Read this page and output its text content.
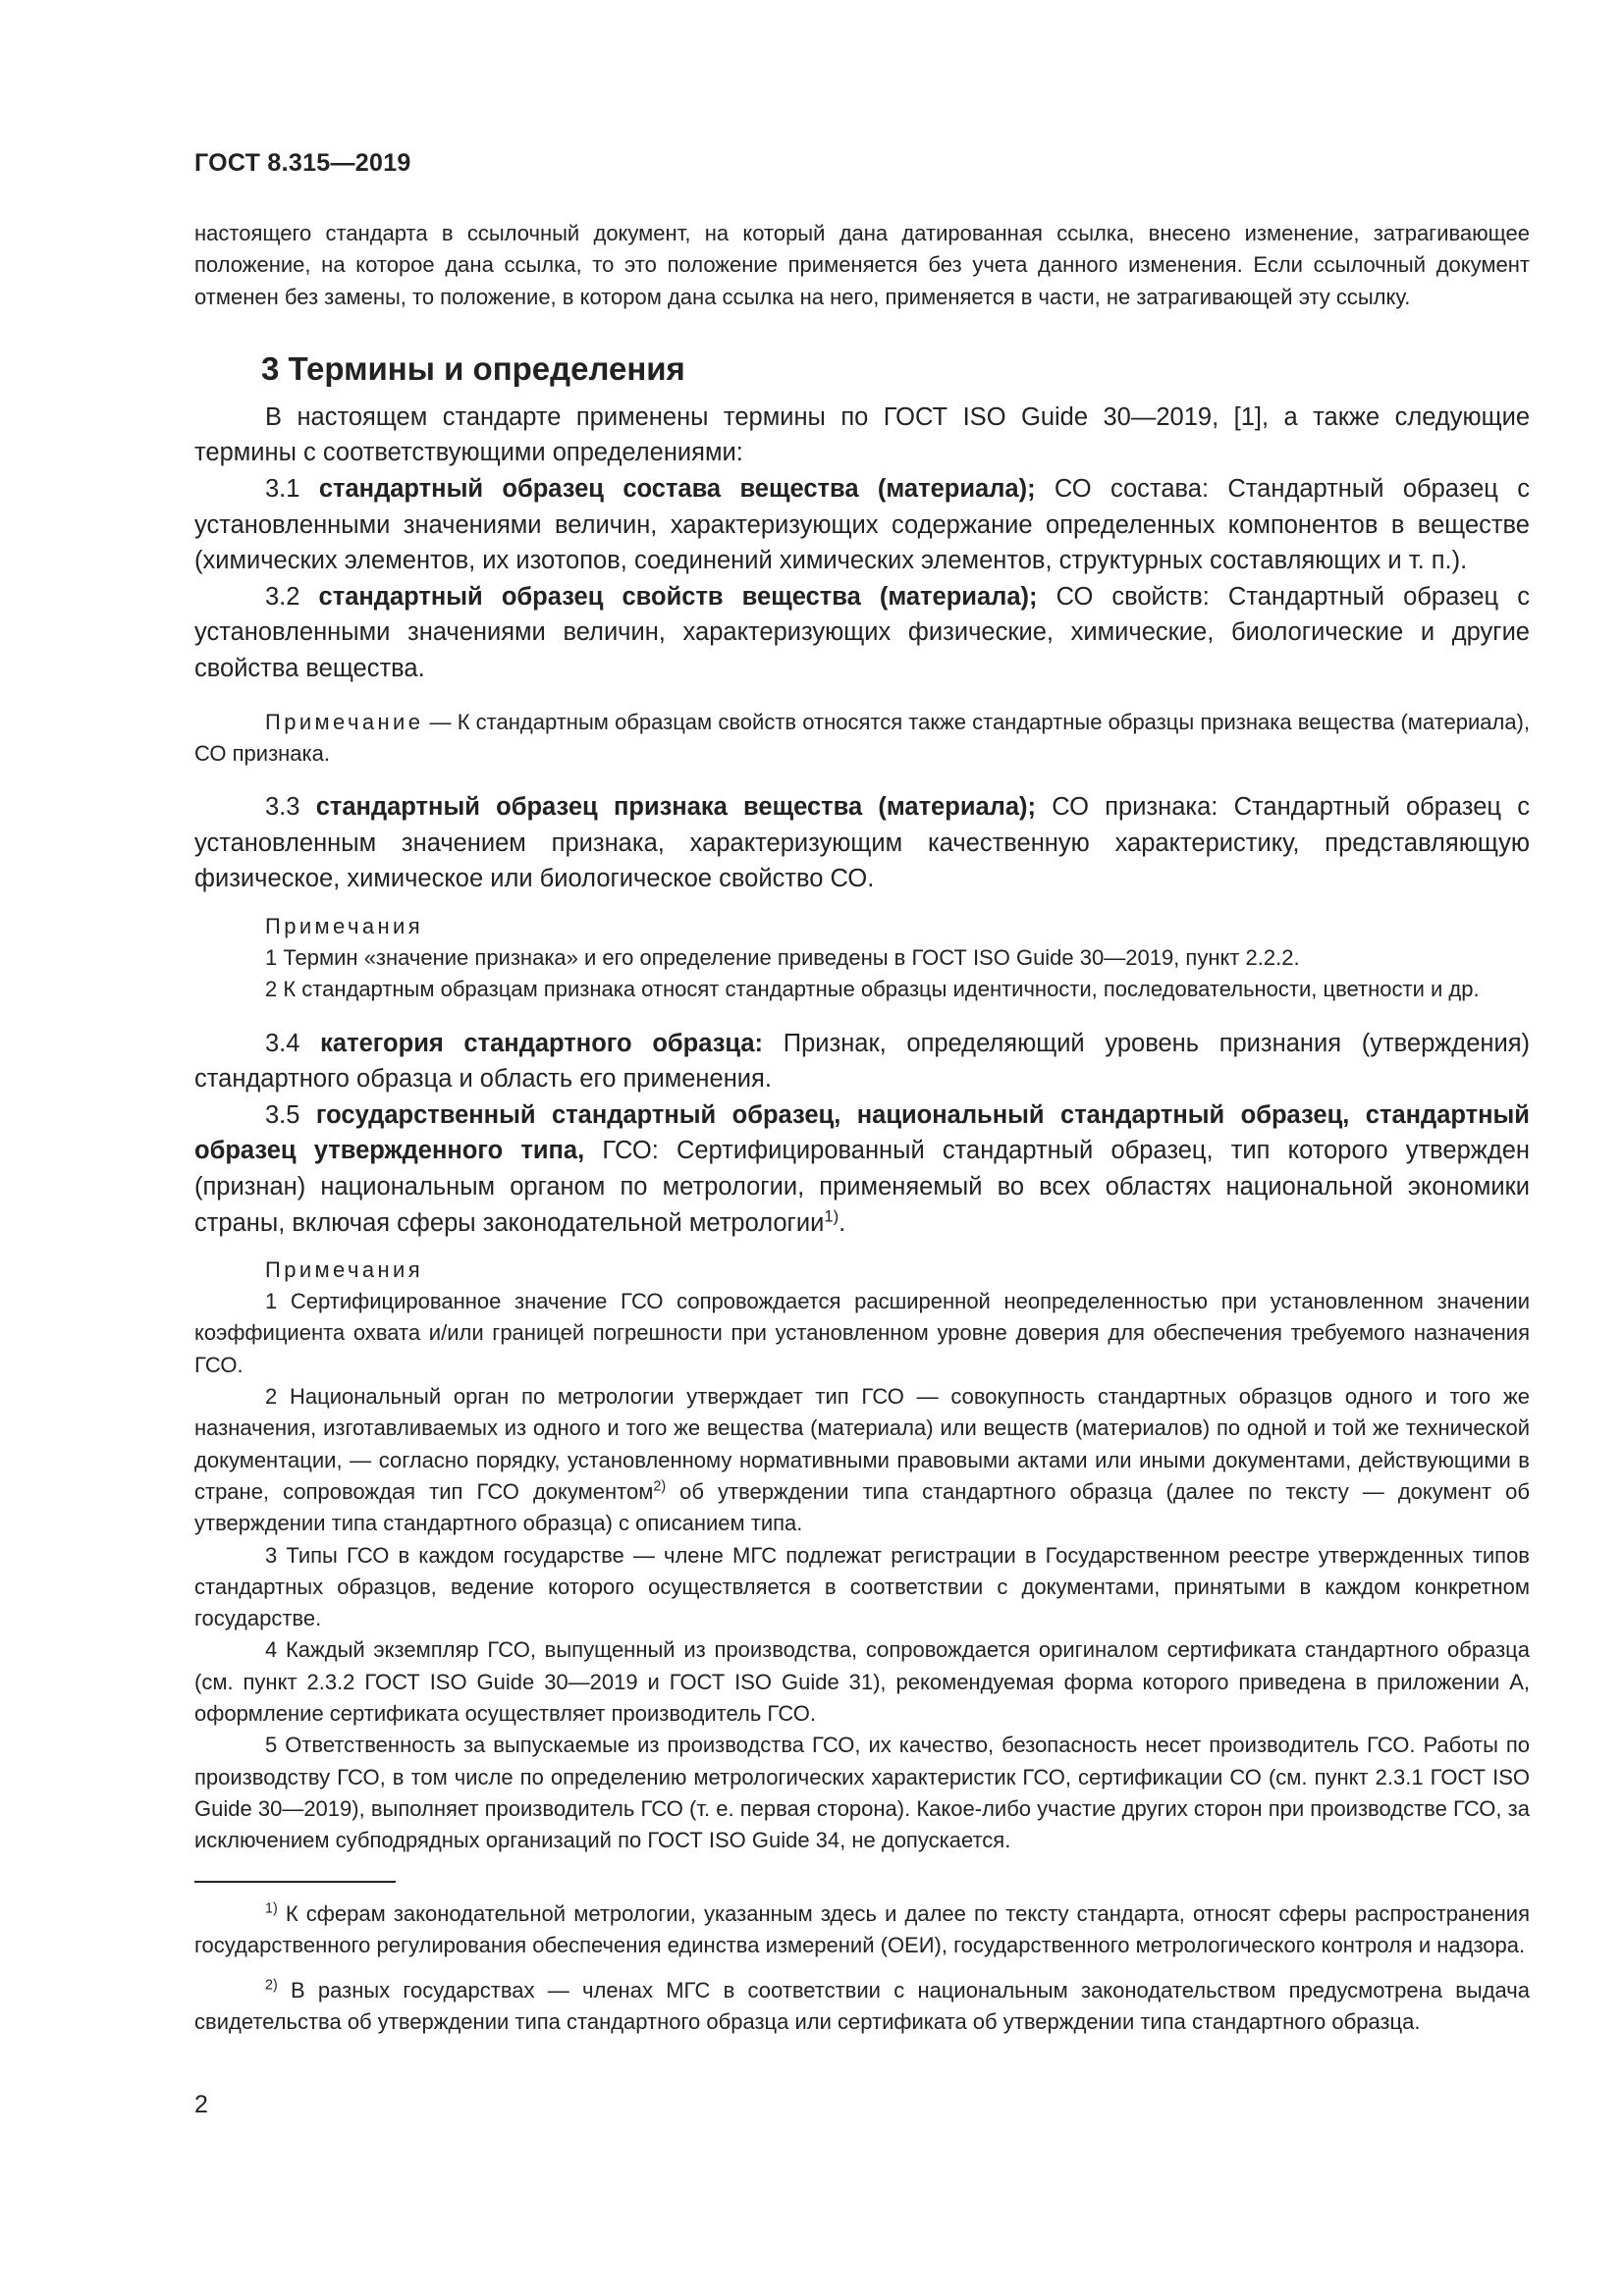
ГОСТ 8.315—2019

настоящего стандарта в ссылочный документ, на который дана датированная ссылка, внесено изменение, затрагивающее положение, на которое дана ссылка, то это положение применяется без учета данного изменения. Если ссылочный документ отменен без замены, то положение, в котором дана ссылка на него, применяется в части, не затрагивающей эту ссылку.

3 Термины и определения

В настоящем стандарте применены термины по ГОСТ ISO Guide 30—2019, [1], а также следующие термины с соответствующими определениями:

3.1 стандартный образец состава вещества (материала); СО состава: Стандартный образец с установленными значениями величин, характеризующих содержание определенных компонентов в веществе (химических элементов, их изотопов, соединений химических элементов, структурных составляющих и т. п.).

3.2 стандартный образец свойств вещества (материала); СО свойств: Стандартный образец с установленными значениями величин, характеризующих физические, химические, биологические и другие свойства вещества.

Примечание — К стандартным образцам свойств относятся также стандартные образцы признака вещества (материала), СО признака.

3.3 стандартный образец признака вещества (материала); СО признака: Стандартный образец с установленным значением признака, характеризующим качественную характеристику, представляющую физическое, химическое или биологическое свойство СО.

Примечания

1 Термин «значение признака» и его определение приведены в ГОСТ ISO Guide 30—2019, пункт 2.2.2.

2 К стандартным образцам признака относят стандартные образцы идентичности, последовательности, цветности и др.

3.4 категория стандартного образца: Признак, определяющий уровень признания (утверждения) стандартного образца и область его применения.

3.5 государственный стандартный образец, национальный стандартный образец, стандартный образец утвержденного типа, ГСО: Сертифицированный стандартный образец, тип которого утвержден (признан) национальным органом по метрологии, применяемый во всех областях национальной экономики страны, включая сферы законодательной метрологии$^{1)}$.

Примечания

1 Сертифицированное значение ГСО сопровождается расширенной неопределенностью при установленном значении коэффициента охвата и/или границей погрешности при установленном уровне доверия для обеспечения требуемого назначения ГСО.

2 Национальный орган по метрологии утверждает тип ГСО — совокупность стандартных образцов одного и того же назначения, изготавливаемых из одного и того же вещества (материала) или веществ (материалов) по одной и той же технической документации, — согласно порядку, установленному нормативными правовыми актами или иными документами, действующими в стране, сопровождая тип ГСО документом$^{2)}$ об утверждении типа стандартного образца (далее по тексту — документ об утверждении типа стандартного образца) с описанием типа.

3 Типы ГСО в каждом государстве — члене МГС подлежат регистрации в Государственном реестре утвержденных типов стандартных образцов, ведение которого осуществляется в соответствии с документами, принятыми в каждом конкретном государстве.

4 Каждый экземпляр ГСО, выпущенный из производства, сопровождается оригиналом сертификата стандартного образца (см. пункт 2.3.2 ГОСТ ISO Guide 30—2019 и ГОСТ ISO Guide 31), рекомендуемая форма которого приведена в приложении А, оформление сертификата осуществляет производитель ГСО.

5 Ответственность за выпускаемые из производства ГСО, их качество, безопасность несет производитель ГСО. Работы по производству ГСО, в том числе по определению метрологических характеристик ГСО, сертификации СО (см. пункт 2.3.1 ГОСТ ISO Guide 30—2019), выполняет производитель ГСО (т. е. первая сторона). Какое-либо участие других сторон при производстве ГСО, за исключением субподрядных организаций по ГОСТ ISO Guide 34, не допускается.

$^{1)}$ К сферам законодательной метрологии, указанным здесь и далее по тексту стандарта, относят сферы распространения государственного регулирования обеспечения единства измерений (ОЕИ), государственного метрологического контроля и надзора.

$^{2)}$ В разных государствах — членах МГС в соответствии с национальным законодательством предусмотрена выдача свидетельства об утверждении типа стандартного образца или сертификата об утверждении типа стандартного образца.

2
